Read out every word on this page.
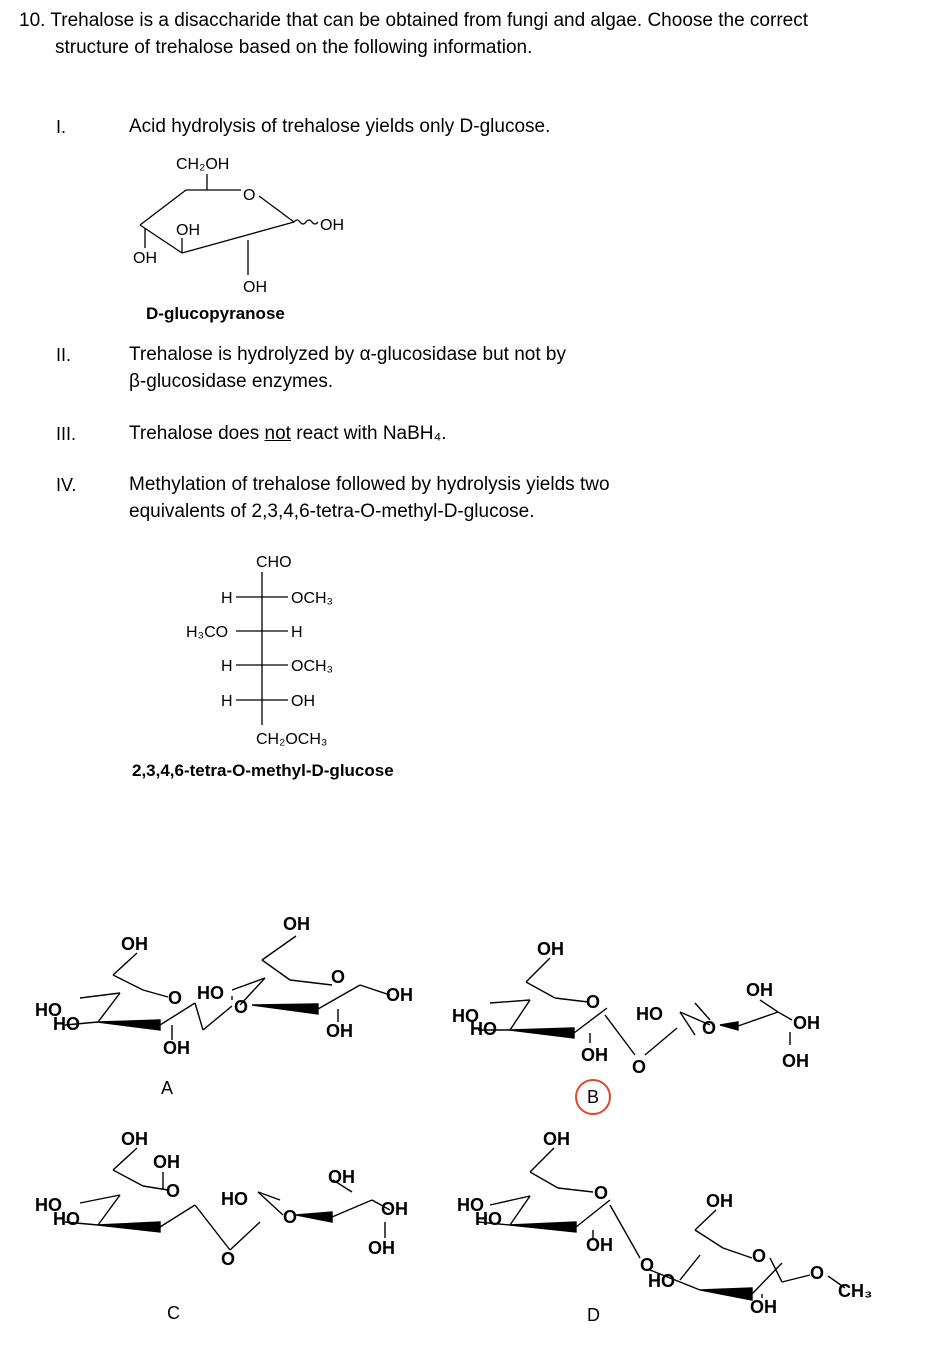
10. Trehalose is a disaccharide that can be obtained from fungi and algae. Choose the correct
structure of trehalose based on the following information.
I.	Acid hydrolysis of trehalose yields only D-glucose.
II.	Trehalose is hydrolyzed by α-glucosidase but not by
β-glucosidase enzymes.
III.	Trehalose does not react with NaBH₄.
IV.	Methylation of trehalose followed by hydrolysis yields two
equivalents of 2,3,4,6-tetra-O-methyl-D-glucose.
CH₂OH
O
OH
OH
OH
OH
D-glucopyranose
CHO
H	OCH₃
H₃CO	H
H	OCH₃
H	OH
CH₂OCH₃
2,3,4,6-tetra-O-methyl-D-glucose
OH
HO
HO
O
OH
HO
O
OH
O
OH
OH
A
OH
HO
HO
O
OH
O
HO
O
OH
OH
OH
B
OH
OH
HO
HO
O
O
HO
O
OH
OH
OH
C
OH
HO
HO
O
OH
O
HO
OH
O
O
CH₃
OH
D
